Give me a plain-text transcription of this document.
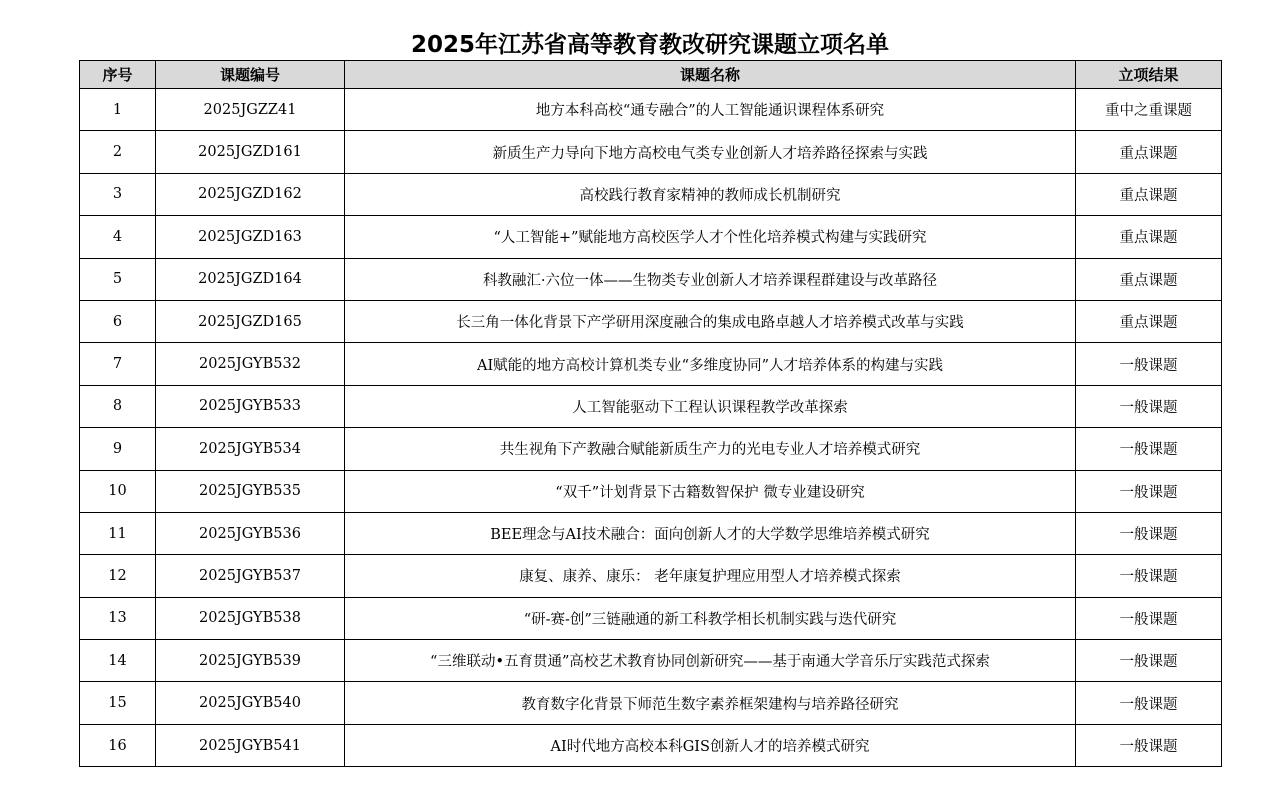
2025年江苏省高等教育教改研究课题立项名单
序号	课题编号	课题名称	立项结果
1	2025JGZZ41	地方本科高校“通专融合”的人工智能通识课程体系研究	重中之重课题
2	2025JGZD161	新质生产力导向下地方高校电气类专业创新人才培养路径探索与实践	重点课题
3	2025JGZD162	高校践行教育家精神的教师成长机制研究	重点课题
4	2025JGZD163	“人工智能+”赋能地方高校医学人才个性化培养模式构建与实践研究	重点课题
5	2025JGZD164	科教融汇·六位一体——生物类专业创新人才培养课程群建设与改革路径	重点课题
6	2025JGZD165	长三角一体化背景下产学研用深度融合的集成电路卓越人才培养模式改革与实践	重点课题
7	2025JGYB532	AI赋能的地方高校计算机类专业“多维度协同”人才培养体系的构建与实践	一般课题
8	2025JGYB533	人工智能驱动下工程认识课程教学改革探索	一般课题
9	2025JGYB534	共生视角下产教融合赋能新质生产力的光电专业人才培养模式研究	一般课题
10	2025JGYB535	“双千”计划背景下古籍数智保护 微专业建设研究	一般课题
11	2025JGYB536	BEE理念与AI技术融合：面向创新人才的大学数学思维培养模式研究	一般课题
12	2025JGYB537	康复、康养、康乐： 老年康复护理应用型人才培养模式探索	一般课题
13	2025JGYB538	“研-赛-创”三链融通的新工科教学相长机制实践与迭代研究	一般课题
14	2025JGYB539	“三维联动•五育贯通”高校艺术教育协同创新研究——基于南通大学音乐厅实践范式探索	一般课题
15	2025JGYB540	教育数字化背景下师范生数字素养框架建构与培养路径研究	一般课题
16	2025JGYB541	AI时代地方高校本科GIS创新人才的培养模式研究	一般课题
